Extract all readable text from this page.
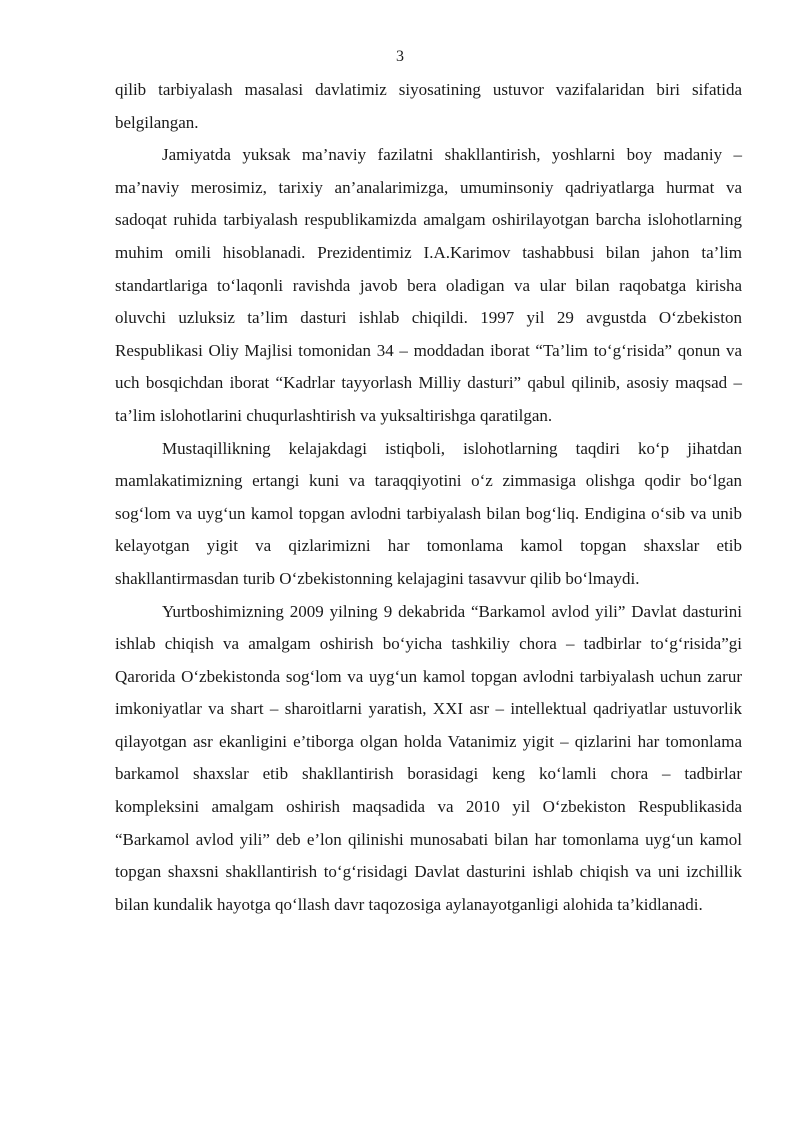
3

qilib tarbiyalash masalasi davlatimiz siyosatining ustuvor vazifalaridan biri sifatida belgilangan.

Jamiyatda yuksak ma’naviy fazilatni shakllantirish, yoshlarni boy madaniy – ma’naviy merosimiz, tarixiy an’analarimizga, umuminsoniy qadriyatlarga hurmat va sadoqat ruhida tarbiyalash respublikamizda amalgam oshirilayotgan barcha islohotlarning muhim omili hisoblanadi. Prezidentimiz I.A.Karimov tashabbusi bilan jahon ta’lim standartlariga to‘laqonli ravishda javob bera oladigan va ular bilan raqobatga kirisha oluvchi uzluksiz ta’lim dasturi ishlab chiqildi. 1997 yil 29 avgustda O‘zbekiston Respublikasi Oliy Majlisi tomonidan 34 – moddadan iborat “Ta’lim to‘g‘risida” qonun va uch bosqichdan iborat “Kadrlar tayyorlash Milliy dasturi” qabul qilinib, asosiy maqsad – ta’lim islohotlarini chuqurlashtirish va yuksaltirishga qaratilgan.

Mustaqillikning kelajakdagi istiqboli, islohotlarning taqdiri ko‘p jihatdan mamlakatimizning ertangi kuni va taraqqiyotini o‘z zimmasiga olishga qodir bo‘lgan sog‘lom va uyg‘un kamol topgan avlodni tarbiyalash bilan bog‘liq. Endigina o‘sib va unib kelayotgan yigit va qizlarimizni har tomonlama kamol topgan shaxslar etib shakllantirmasdan turib O‘zbekistonning kelajagini tasavvur qilib bo‘lmaydi.

Yurtboshimizning 2009 yilning 9 dekabrida “Barkamol avlod yili” Davlat dasturini ishlab chiqish va amalgam oshirish bo‘yicha tashkiliy chora – tadbirlar to‘g‘risida”gi Qarorida O‘zbekistonda sog‘lom va uyg‘un kamol topgan avlodni tarbiyalash uchun zarur imkoniyatlar va shart – sharoitlarni yaratish, XXI asr – intellektual qadriyatlar ustuvorlik qilayotgan asr ekanligini e’tiborga olgan holda Vatanimiz yigit – qizlarini har tomonlama barkamol shaxslar etib shakllantirish borasidagi keng ko‘lamli chora – tadbirlar kompleksini amalgam oshirish maqsadida va 2010 yil O‘zbekiston Respublikasida “Barkamol avlod yili” deb e’lon qilinishi munosabati bilan har tomonlama uyg‘un kamol topgan shaxsni shakllantirish to‘g‘risidagi Davlat dasturini ishlab chiqish va uni izchillik bilan kundalik hayotga qo‘llash davr taqozosiga aylanayotganligi alohida ta’kidlanadi.
